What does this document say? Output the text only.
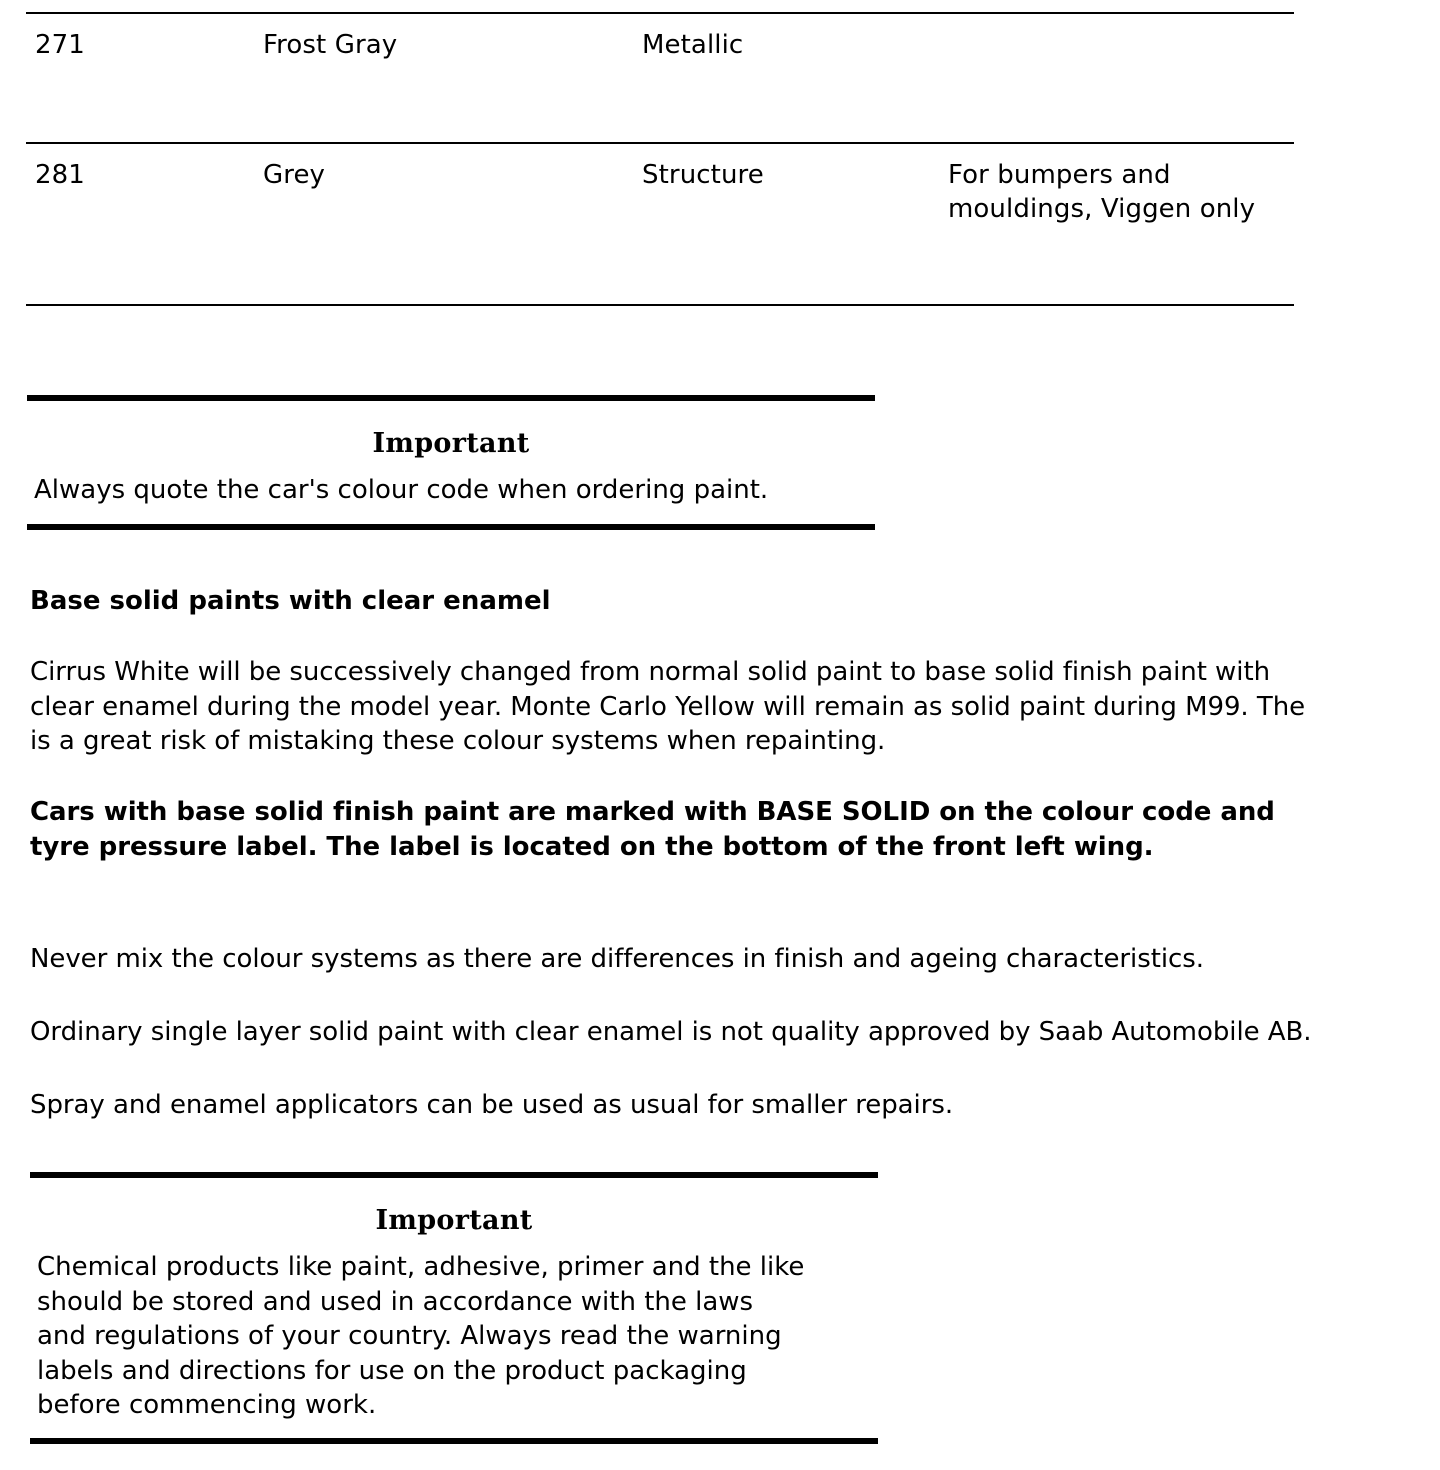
271	Frost Gray	Metallic
281	Grey	Structure	For bumpers and
mouldings, Viggen only
Important
Always quote the car's colour code when ordering paint.
Base solid paints with clear enamel

Cirrus White will be successively changed from normal solid paint to base solid finish paint with
clear enamel during the model year. Monte Carlo Yellow will remain as solid paint during M99. The
is a great risk of mistaking these colour systems when repainting.

Cars with base solid finish paint are marked with BASE SOLID on the colour code and
tyre pressure label. The label is located on the bottom of the front left wing.

Never mix the colour systems as there are differences in finish and ageing characteristics.

Ordinary single layer solid paint with clear enamel is not quality approved by Saab Automobile AB.

Spray and enamel applicators can be used as usual for smaller repairs.

Important
Chemical products like paint, adhesive, primer and the like
should be stored and used in accordance with the laws
and regulations of your country. Always read the warning
labels and directions for use on the product packaging
before commencing work.
